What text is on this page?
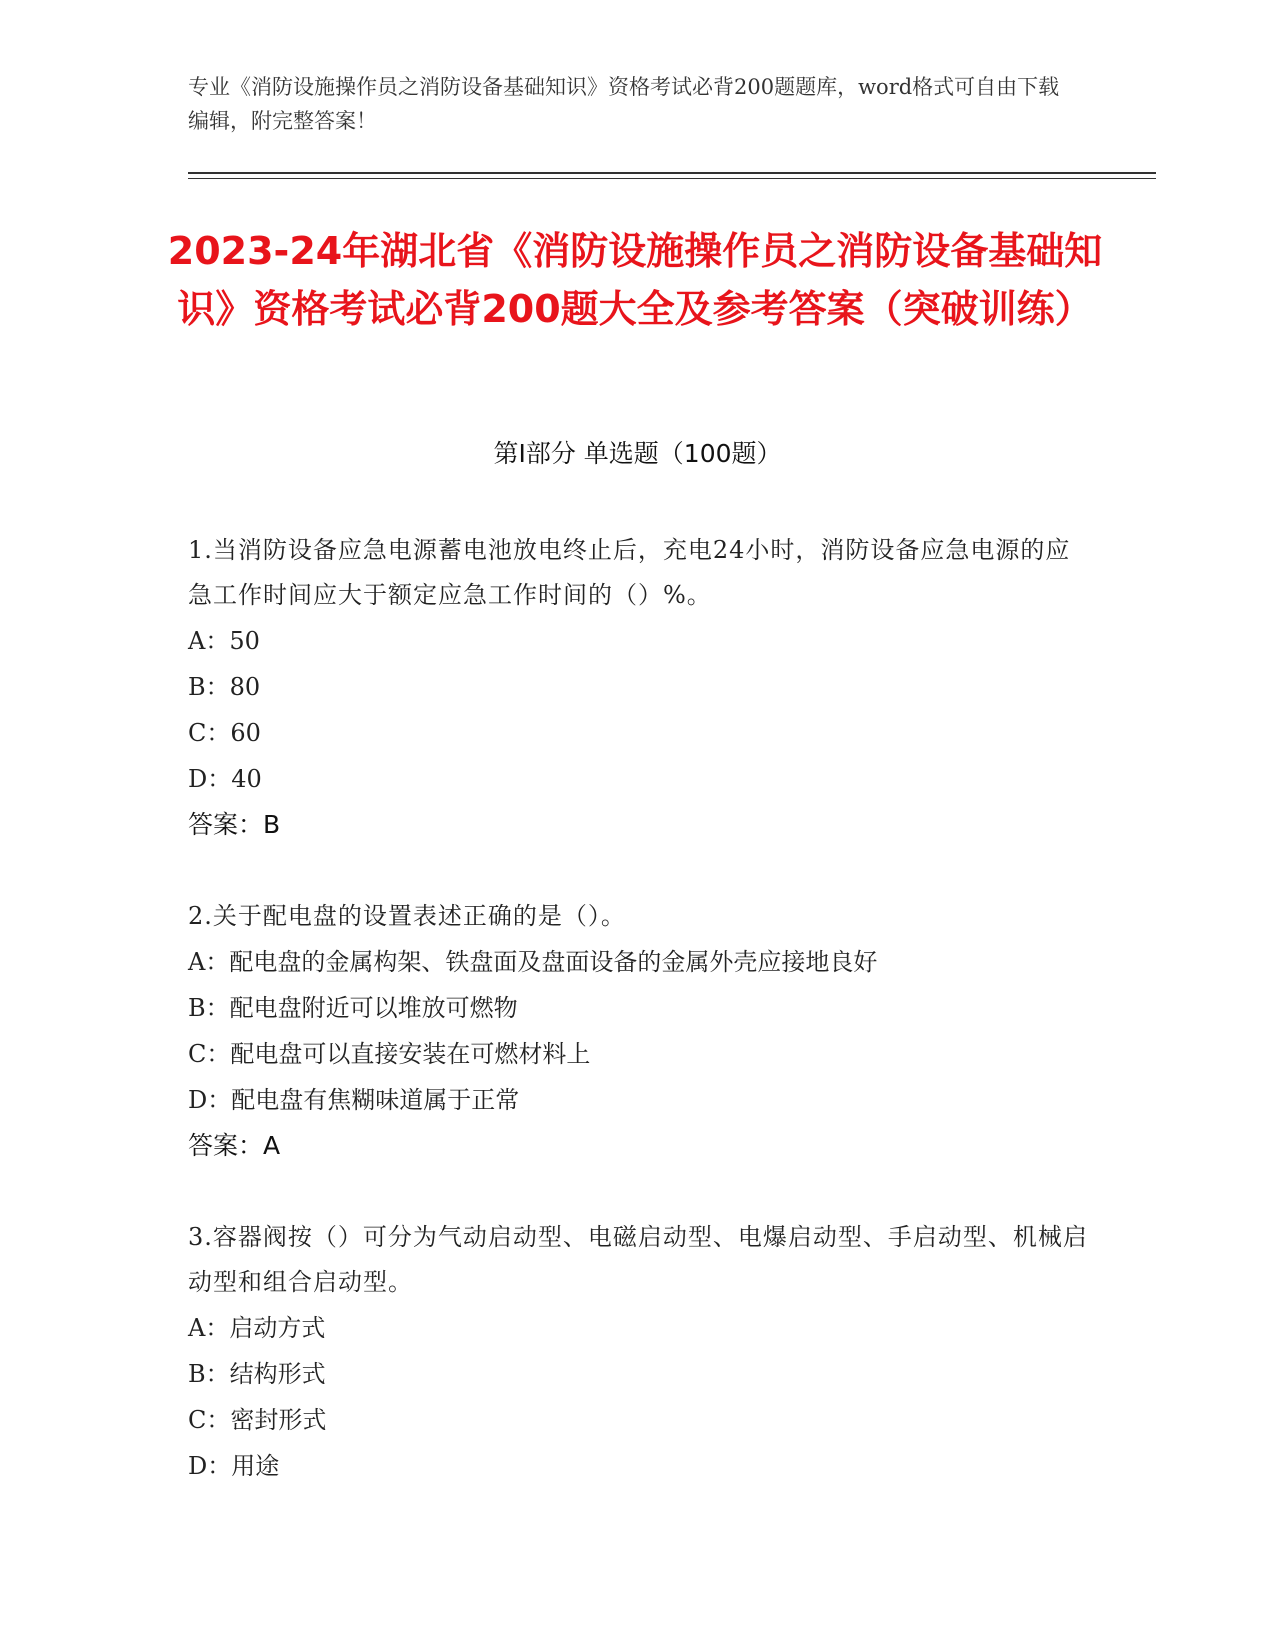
专业《消防设施操作员之消防设备基础知识》资格考试必背200题题库，word格式可自由下载编辑，附完整答案！
2023-24年湖北省《消防设施操作员之消防设备基础知识》资格考试必背200题大全及参考答案（突破训练）
第Ⅰ部分 单选题（100题）

1.当消防设备应急电源蓄电池放电终止后，充电24小时，消防设备应急电源的应急工作时间应大于额定应急工作时间的（）%。

A：50

B：80

C：60

D：40

答案：B

2.关于配电盘的设置表述正确的是（）。

A：配电盘的金属构架、铁盘面及盘面设备的金属外壳应接地良好

B：配电盘附近可以堆放可燃物

C：配电盘可以直接安装在可燃材料上

D：配电盘有焦糊味道属于正常

答案：A

3.容器阀按（）可分为气动启动型、电磁启动型、电爆启动型、手启动型、机械启动型和组合启动型。

A：启动方式

B：结构形式

C：密封形式

D：用途
